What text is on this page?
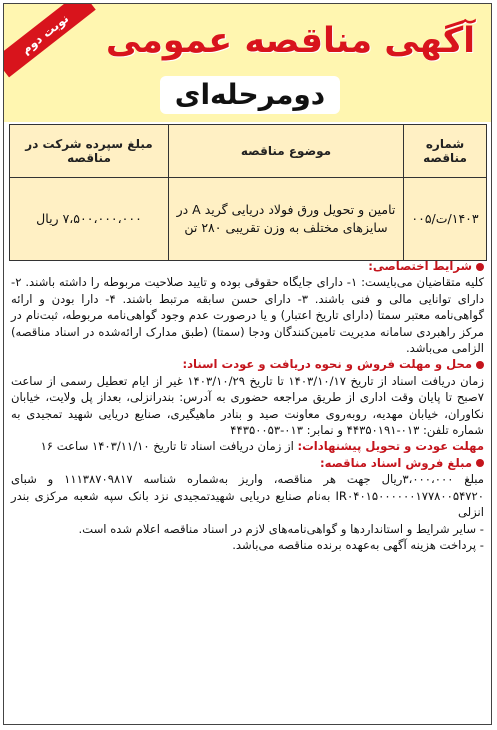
نوبت دوم آگهی مناقصه عمومی
دومرحله‌ای
شماره مناقصه	موضوع مناقصه	مبلغ سپرده شرکت در مناقصه
۱۴۰۳/ت/۰۰۵	تامین و تحویل ورق فولاد دریایی گرید A در سایزهای مختلف به وزن تقریبی ۲۸۰ تن	۷،۵۰۰،۰۰۰،۰۰۰ ریال

شرایط اختصاصی:

کلیه متقاضیان می‌بایست: ۱- دارای جایگاه حقوقی بوده و تایید صلاحیت مربوطه را داشته باشند. ۲- دارای توانایی مالی و فنی باشند. ۳- دارای حسن سابقه مرتبط باشند. ۴- دارا بودن و ارائه گواهی‌نامه معتبر سمتا (دارای تاریخ اعتبار) و یا درصورت عدم وجود گواهی‌نامه مربوطه، ثبت‌نام در مرکز راهبردی سامانه مدیریت تامین‌کنندگان ودجا (سمتا) (طبق مدارک ارائه‌شده در اسناد مناقصه) الزامی می‌باشد.

محل و مهلت فروش و نحوه دریافت و عودت اسناد:

زمان دریافت اسناد از تاریخ ۱۴۰۳/۱۰/۱۷ تا تاریخ ۱۴۰۳/۱۰/۲۹ غیر از ایام تعطیل رسمی از ساعت ۷صبح تا پایان وقت اداری از طریق مراجعه حضوری به آدرس: بندرانزلی، بعداز پل ولایت، خیابان نکاوران، خیابان مهدیه، روبه‌روی معاونت صید و بنادر ماهیگیری، صنایع دریایی شهید تمجیدی به شماره تلفن: ۰۱۳-۴۴۳۵۰۱۹۱ و نمابر: ۰۱۳-۴۴۳۵۰۰۵۳

مهلت عودت و تحویل پیشنهادات: از زمان دریافت اسناد تا تاریخ ۱۴۰۳/۱۱/۱۰ ساعت ۱۶

مبلغ فروش اسناد مناقصه:

مبلغ ۳،۰۰۰،۰۰۰ریال جهت هر مناقصه، واریز به‌شماره شناسه ۱۱۱۳۸۷۰۹۸۱۷ و شبای IR۰۴۰۱۵۰۰۰۰۰۰۱۷۷۸۰۰۵۴۷۲۰ به‌نام صنایع دریایی شهیدتمجیدی نزد بانک سپه شعبه مرکزی بندر انزلی

- سایر شرایط و استانداردها و گواهی‌نامه‌های لازم در اسناد مناقصه اعلام شده است.

- پرداخت هزینه آگهی به‌عهده برنده مناقصه می‌باشد.
